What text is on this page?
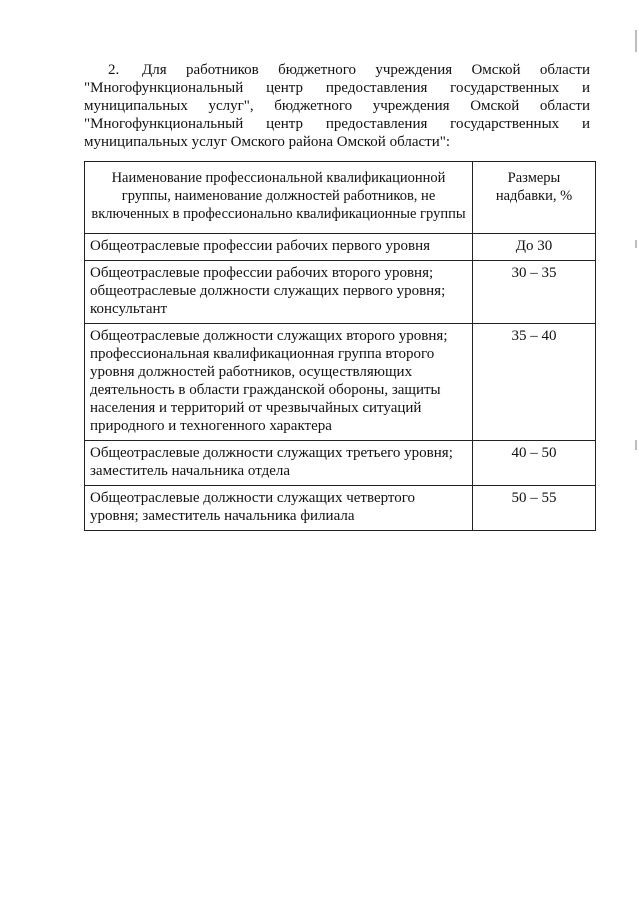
2. Для работников бюджетного учреждения Омской области "Многофункциональный центр предоставления государственных и муниципальных услуг", бюджетного учреждения Омской области "Многофункциональный центр предоставления государственных и муниципальных услуг Омского района Омской области":

Наименование профессиональной квалификационной группы, наименование должностей работников, не включенных в профессионально квалификационные группы	Размеры надбавки, %
Общеотраслевые профессии рабочих первого уровня	До 30
Общеотраслевые профессии рабочих второго уровня; общеотраслевые должности служащих первого уровня; консультант	30 – 35
Общеотраслевые должности служащих второго уровня; профессиональная квалификационная группа второго уровня должностей работников, осуществляющих деятельность в области гражданской обороны, защиты населения и территорий от чрезвычайных ситуаций природного и техногенного характера	35 – 40
Общеотраслевые должности служащих третьего уровня; заместитель начальника отдела	40 – 50
Общеотраслевые должности служащих четвертого уровня; заместитель начальника филиала	50 – 55
